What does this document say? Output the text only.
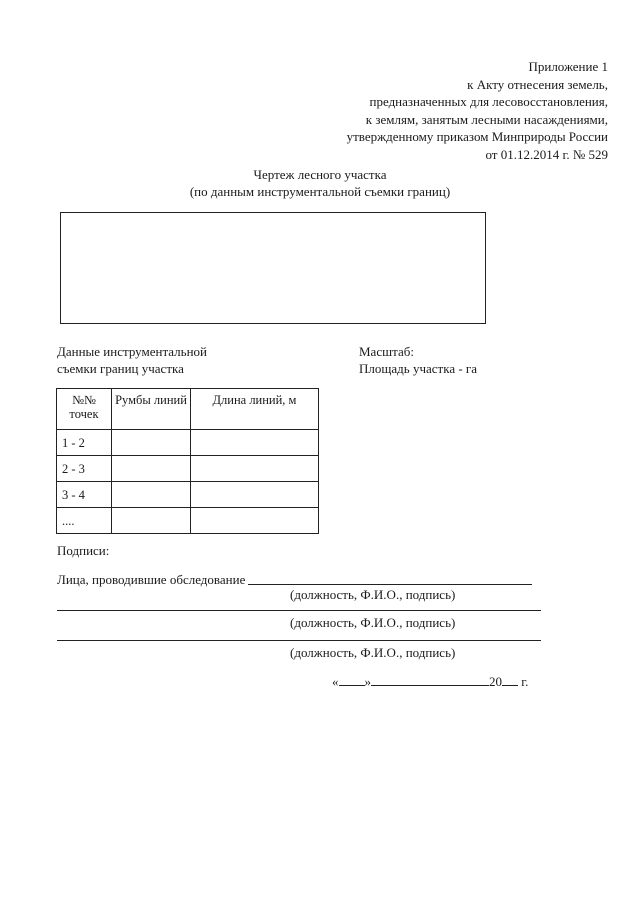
Приложение 1
к Акту отнесения земель,
предназначенных для лесовосстановления,
к землям, занятым лесными насаждениями,
утвержденному приказом Минприроды России
от 01.12.2014 г. № 529
Чертеж лесного участка
(по данным инструментальной съемки границ)
Данные инструментальной
съемки границ участка
Масштаб:
Площадь участка - га
№№ точек	Румбы линий	Длина линий, м
1 - 2		
2 - 3		
3 - 4		
....		
Подписи:
Лица, проводившие обследование
(должность, Ф.И.О., подпись)
(должность, Ф.И.О., подпись)
(должность, Ф.И.О., подпись)
« »	20 г.
